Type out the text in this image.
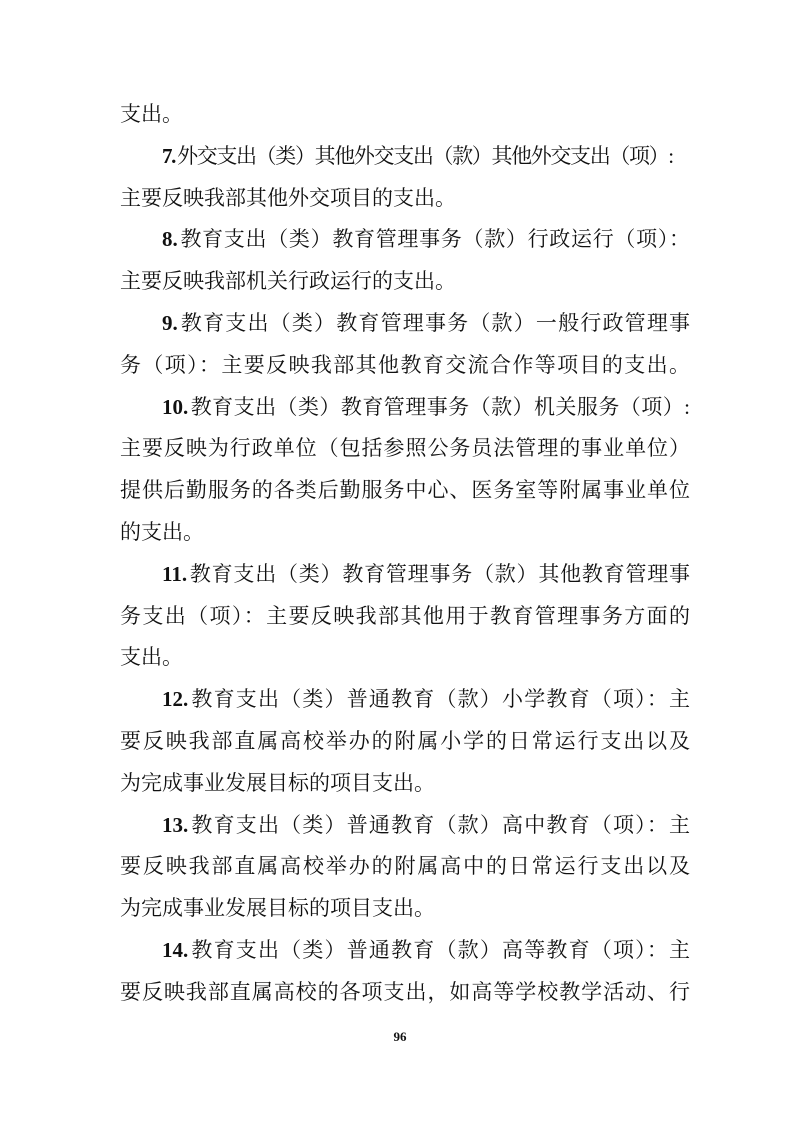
支出。
7.外交支出（类）其他外交支出（款）其他外交支出（项）:
主要反映我部其他外交项目的支出。
8.教育支出（类）教育管理事务（款）行政运行（项）：
主要反映我部机关行政运行的支出。
9.教育支出（类）教育管理事务（款）一般行政管理事
务（项）：主要反映我部其他教育交流合作等项目的支出。
10.教育支出（类）教育管理事务（款）机关服务（项）:
主要反映为行政单位（包括参照公务员法管理的事业单位）
提供后勤服务的各类后勤服务中心、医务室等附属事业单位
的支出。
11.教育支出（类）教育管理事务（款）其他教育管理事
务支出（项）：主要反映我部其他用于教育管理事务方面的
支出。
12.教育支出（类）普通教育（款）小学教育（项）：主
要反映我部直属高校举办的附属小学的日常运行支出以及
为完成事业发展目标的项目支出。
13.教育支出（类）普通教育（款）高中教育（项）：主
要反映我部直属高校举办的附属高中的日常运行支出以及
为完成事业发展目标的项目支出。
14.教育支出（类）普通教育（款）高等教育（项）：主
要反映我部直属高校的各项支出，如高等学校教学活动、行
96
